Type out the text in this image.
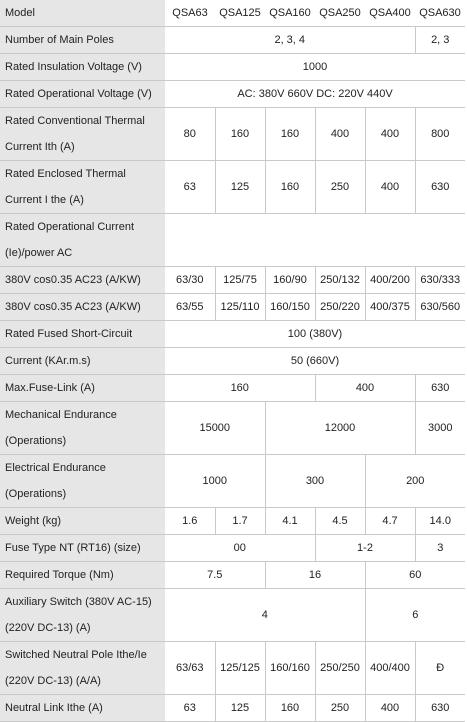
Model	QSA63	QSA125	QSA160	QSA250	QSA400	QSA630

Number of Main Poles	2, 3, 4					2, 3

Rated Insulation Voltage (V)	1000					

Rated Operational Voltage (V)	AC: 380V 660V DC: 220V 440V					

Rated Conventional Thermal
Current Ith (A)	80	160	160	400	400	800

Rated Enclosed Thermal
Current I the (A)	63	125	160	250	400	630

Rated Operational Current
(Ie)/power AC						

380V cos0.35 AC23 (A/KW)	63/30	125/75	160/90	250/132	400/200	630/333

380V cos0.35 AC23 (A/KW)	63/55	125/110	160/150	250/220	400/375	630/560

Rated Fused Short-Circuit	100 (380V)					

Current (KAr.m.s)	50 (660V)					

Max.Fuse-Link (A)	160			400		630

Mechanical Endurance
(Operations)	15000		12000			3000

Electrical Endurance
(Operations)	1000		300		200	

Weight (kg)	1.6	1.7	4.1	4.5	4.7	14.0

Fuse Type NT (RT16) (size)	00			1-2		3

Required Torque (Nm)	7.5		16		60	

Auxiliary Switch (380V AC-15)
(220V DC-13) (A)	4				6	

Switched Neutral Pole Ithe/Ie
(220V DC-13) (A/A)	63/63	125/125	160/160	250/250	400/400	Đ

Neutral Link Ithe (A)	63	125	160	250	400	630
